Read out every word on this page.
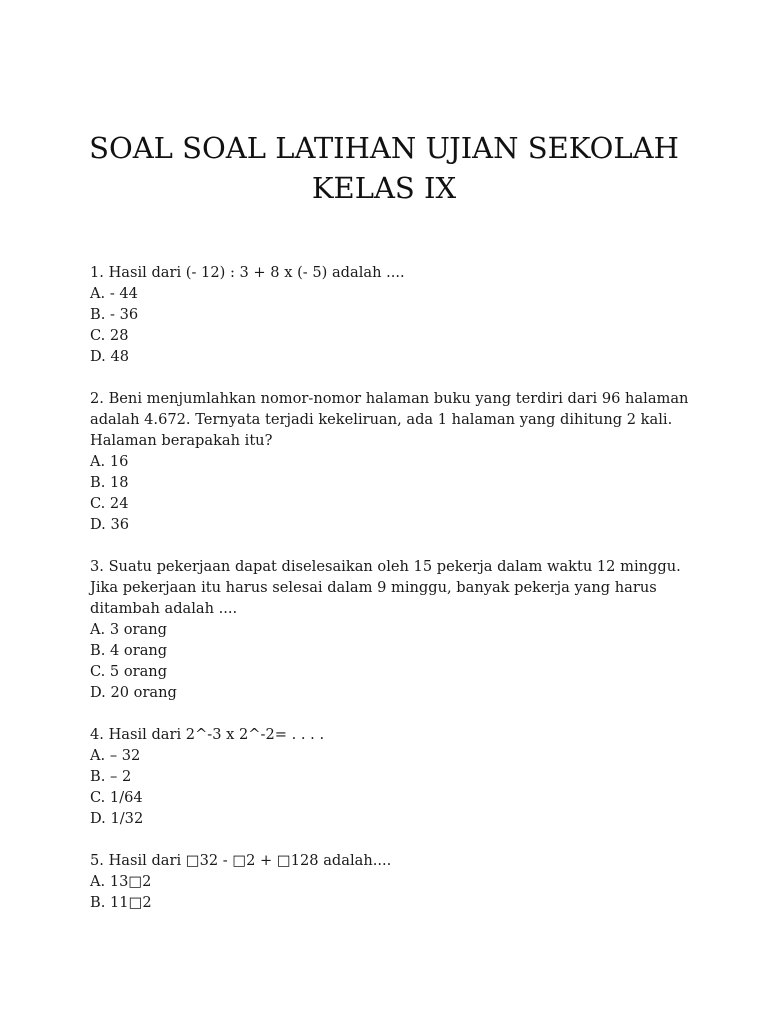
SOAL SOAL LATIHAN UJIAN SEKOLAH
KELAS IX
1. Hasil dari (- 12) : 3 + 8 x (- 5) adalah ....
A. - 44
B. - 36
C. 28
D. 48
2. Beni menjumlahkan nomor-nomor halaman buku yang terdiri dari 96 halaman adalah 4.672. Ternyata terjadi kekeliruan, ada 1 halaman yang dihitung 2 kali. Halaman berapakah itu?
A. 16
B. 18
C. 24
D. 36
3. Suatu pekerjaan dapat diselesaikan oleh 15 pekerja dalam waktu 12 minggu. Jika pekerjaan itu harus selesai dalam 9 minggu, banyak pekerja yang harus ditambah adalah ....
A. 3 orang
B. 4 orang
C. 5 orang
D. 20 orang
4. Hasil dari 2^-3 x 2^-2= . . . .
A. – 32
B. – 2
C. 1/64
D. 1/32
5. Hasil dari □32 - □2 + □128 adalah....
A. 13□2
B. 11□2
